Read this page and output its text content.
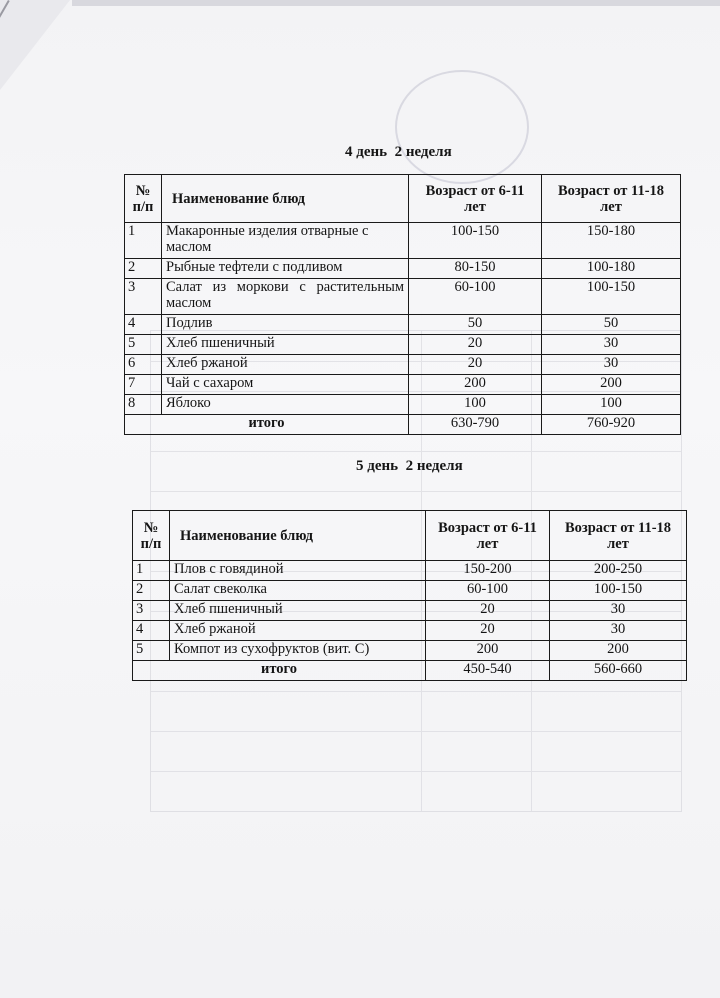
4 день  2 неделя
№ п/п	Наименование блюд	Возраст от 6-11 лет	Возраст от 11-18 лет
1	Макаронные изделия отварные с маслом	100-150	150-180
2	Рыбные тефтели с подливом	80-150	100-180
3	Салат из моркови с растительным маслом	60-100	100-150
4	Подлив	50	50
5	Хлеб пшеничный	20	30
6	Хлеб ржаной	20	30
7	Чай с сахаром	200	200
8	Яблоко	100	100
итого		630-790	760-920
5 день  2 неделя
№ п/п	Наименование блюд	Возраст от 6-11 лет	Возраст от 11-18 лет
1	Плов с говядиной	150-200	200-250
2	Салат свеколка	60-100	100-150
3	Хлеб пшеничный	20	30
4	Хлеб ржаной	20	30
5	Компот из сухофруктов (вит. С)	200	200
итого		450-540	560-660
